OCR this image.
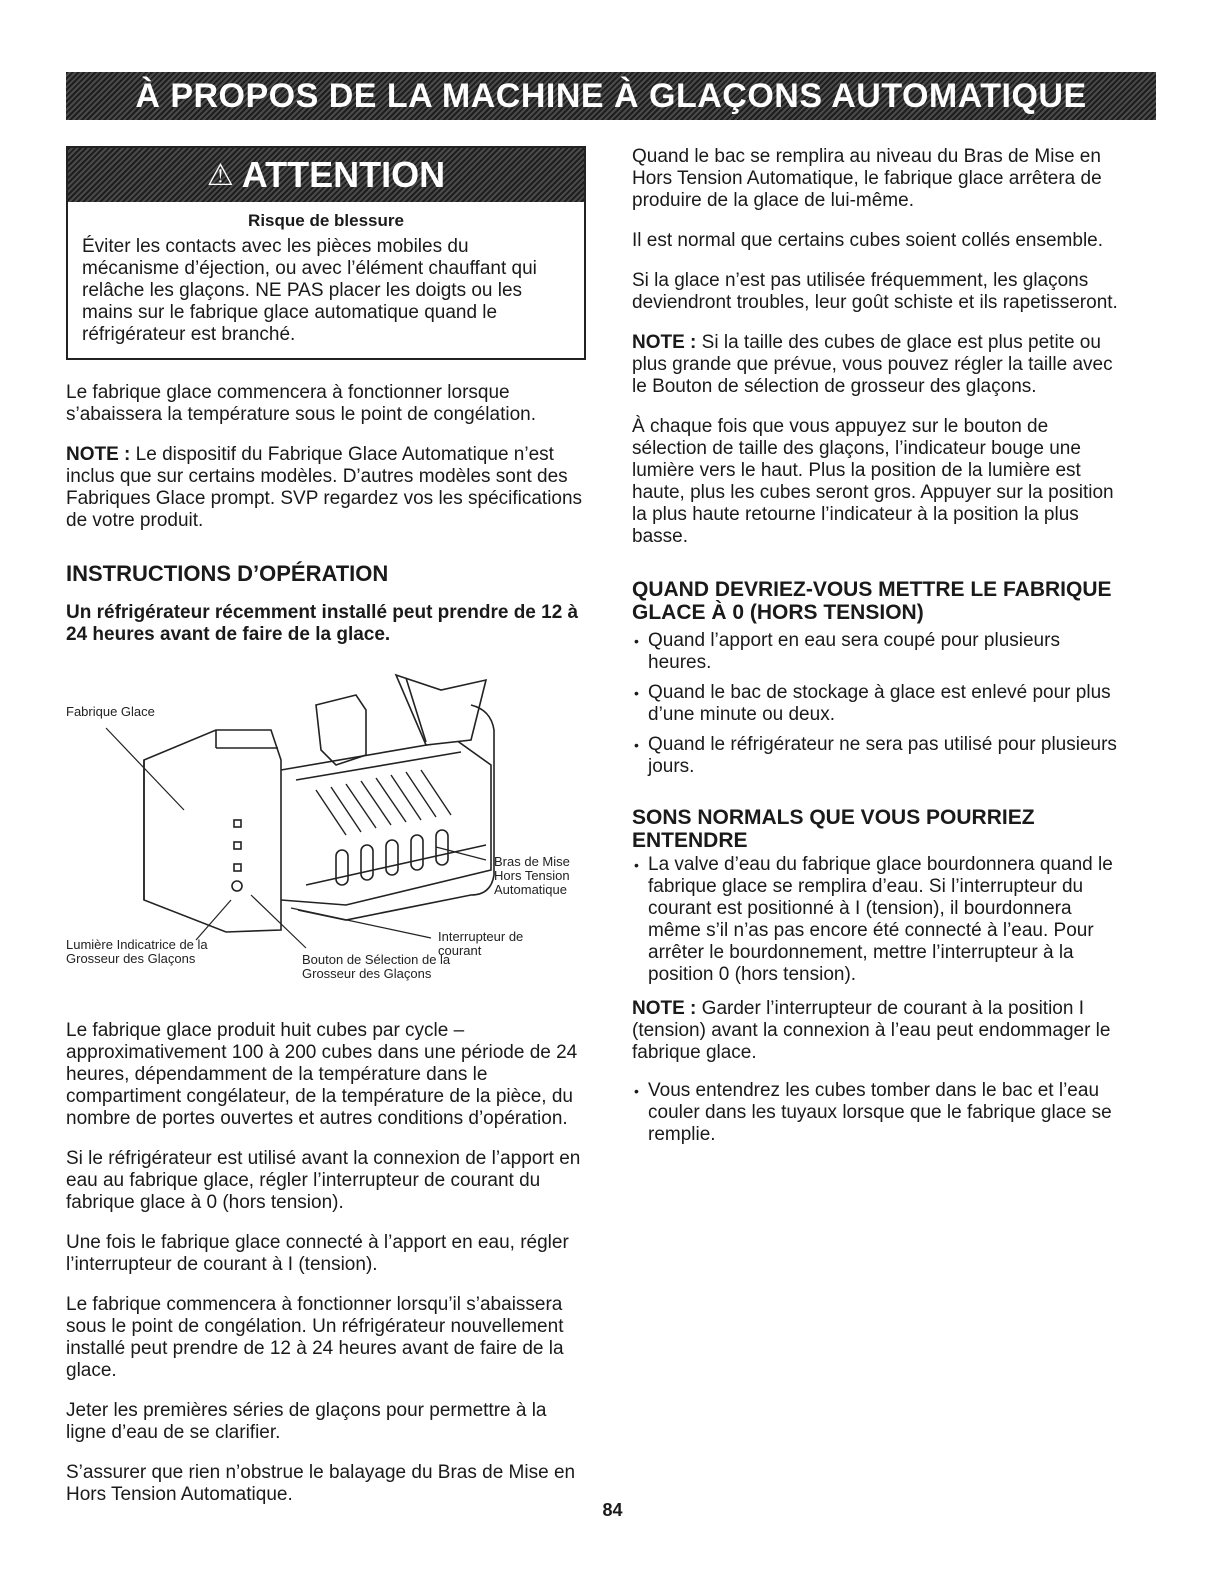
À PROPOS DE LA MACHINE À GLAÇONS AUTOMATIQUE
⚠ ATTENTION
Risque de blessure

Éviter les contacts avec les pièces mobiles du mécanisme d’éjection, ou avec l’élément chauffant qui relâche les glaçons. NE PAS placer les doigts ou les mains sur le fabrique glace automatique quand le réfrigérateur est branché.

Le fabrique glace commencera à fonctionner lorsque s’abaissera la température sous le point de congélation.

NOTE : Le dispositif du Fabrique Glace Automatique n’est inclus que sur certains modèles. D’autres modèles sont des Fabriques Glace prompt. SVP regardez vos les spécifications de votre produit.

INSTRUCTIONS D’OPÉRATION

Un réfrigérateur récemment installé peut prendre de 12 à 24 heures avant de faire de la glace.

Fabrique Glace
Bras de Mise Hors Tension Automatique
Interrupteur de courant
Lumière Indicatrice de la Grosseur des Glaçons	Bouton de Sélection de la Grosseur des Glaçons

Le fabrique glace produit huit cubes par cycle – approximativement 100 à 200 cubes dans une période de 24 heures, dépendamment de la température dans le compartiment congélateur, de la température de la pièce, du nombre de portes ouvertes et autres conditions d’opération.

Si le réfrigérateur est utilisé avant la connexion de l’apport en eau au fabrique glace, régler l’interrupteur de courant du fabrique glace à 0 (hors tension).

Une fois le fabrique glace connecté à l’apport en eau, régler l’interrupteur de courant à I (tension).

Le fabrique commencera à fonctionner lorsqu’il s’abaissera sous le point de congélation. Un réfrigérateur nouvellement installé peut prendre de 12 à 24 heures avant de faire de la glace.

Jeter les premières séries de glaçons pour permettre à la ligne d’eau de se clarifier.

S’assurer que rien n’obstrue le balayage du Bras de Mise en Hors Tension Automatique.

Quand le bac se remplira au niveau du Bras de Mise en Hors Tension Automatique, le fabrique glace arrêtera de produire de la glace de lui-même.

Il est normal que certains cubes soient collés ensemble.

Si la glace n’est pas utilisée fréquemment, les glaçons deviendront troubles, leur goût schiste et ils rapetisseront.

NOTE : Si la taille des cubes de glace est plus petite ou plus grande que prévue, vous pouvez régler la taille avec le Bouton de sélection de grosseur des glaçons.

À chaque fois que vous appuyez sur le bouton de sélection de taille des glaçons, l’indicateur bouge une lumière vers le haut. Plus la position de la lumière est haute, plus les cubes seront gros. Appuyer sur la position la plus haute retourne l’indicateur à la position la plus basse.

QUAND DEVRIEZ-VOUS METTRE LE FABRIQUE GLACE À 0 (HORS TENSION)
• Quand l’apport en eau sera coupé pour plusieurs heures.
• Quand le bac de stockage à glace est enlevé pour plus d’une minute ou deux.
• Quand le réfrigérateur ne sera pas utilisé pour plusieurs jours.
SONS NORMALS QUE VOUS POURRIEZ ENTENDRE
• La valve d’eau du fabrique glace bourdonnera quand le fabrique glace se remplira d’eau. Si l’interrupteur du courant est positionné à I (tension), il bourdonnera même s’il n’as pas encore été connecté à l’eau. Pour arrêter le bourdonnement, mettre l’interrupteur à la position 0 (hors tension).

NOTE : Garder l’interrupteur de courant à la position I (tension) avant la connexion à l’eau peut endommager le fabrique glace.

• Vous entendrez les cubes tomber dans le bac et l’eau couler dans les tuyaux lorsque que le fabrique glace se remplie.
84
